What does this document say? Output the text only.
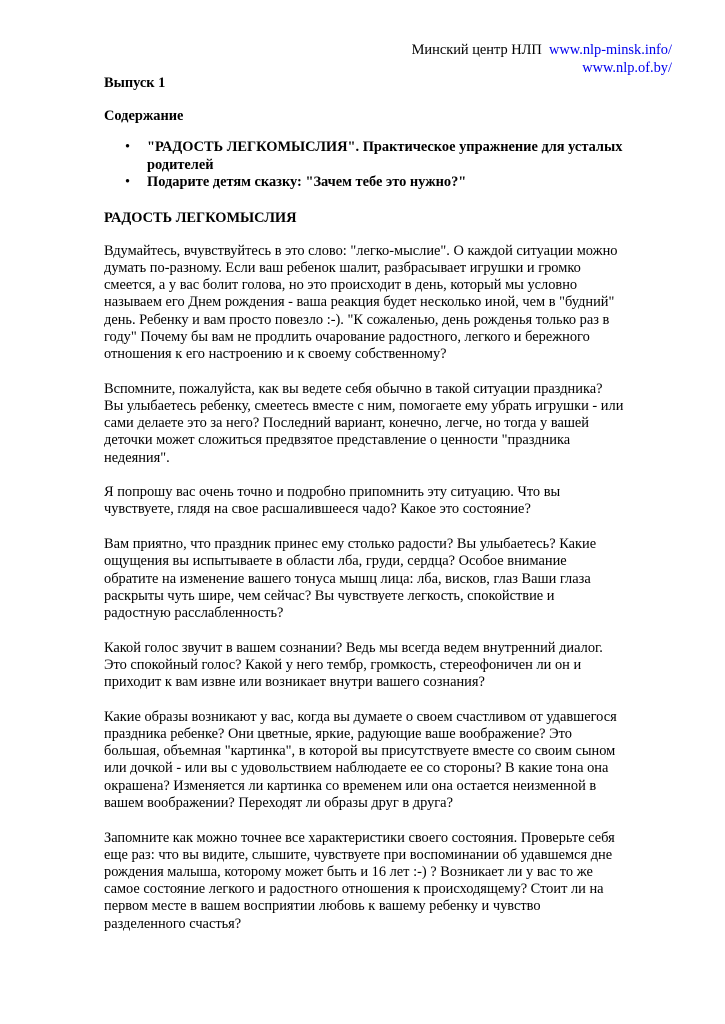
Минский центр НЛП www.nlp-minsk.info/
www.nlp.of.by/
Выпуск 1
Содержание
• "РАДОСТЬ ЛЕГКОМЫСЛИЯ". Практическое упражнение для усталых родителей
• Подарите детям сказку: "Зачем тебе это нужно?"
РАДОСТЬ ЛЕГКОМЫСЛИЯ

Вдумайтесь, вчувствуйтесь в это слово: "легко-мыслие". О каждой ситуации можно думать по-разному. Если ваш ребенок шалит, разбрасывает игрушки и громко смеется, а у вас болит голова, но это происходит в день, который мы условно называем его Днем рождения - ваша реакция будет несколько иной, чем в "будний" день. Ребенку и вам просто повезло :-). "К сожаленью, день рожденья только раз в году" Почему бы вам не продлить очарование радостного, легкого и бережного отношения к его настроению и к своему собственному?

Вспомните, пожалуйста, как вы ведете себя обычно в такой ситуации праздника? Вы улыбаетесь ребенку, смеетесь вместе с ним, помогаете ему убрать игрушки - или сами делаете это за него? Последний вариант, конечно, легче, но тогда у вашей деточки может сложиться предвзятое представление о ценности "праздника недеяния".

Я попрошу вас очень точно и подробно припомнить эту ситуацию. Что вы чувствуете, глядя на свое расшалившееся чадо? Какое это состояние?

Вам приятно, что праздник принес ему столько радости? Вы улыбаетесь? Какие ощущения вы испытываете в области лба, груди, сердца? Особое внимание обратите на изменение вашего тонуса мышц лица: лба, висков, глаз Ваши глаза раскрыты чуть шире, чем сейчас? Вы чувствуете легкость, спокойствие и радостную расслабленность?

Какой голос звучит в вашем сознании? Ведь мы всегда ведем внутренний диалог. Это спокойный голос? Какой у него тембр, громкость, стереофоничен ли он и приходит к вам извне или возникает внутри вашего сознания?

Какие образы возникают у вас, когда вы думаете о своем счастливом от удавшегося праздника ребенке? Они цветные, яркие, радующие ваше воображение? Это большая, объемная "картинка", в которой вы присутствуете вместе со своим сыном или дочкой - или вы с удовольствием наблюдаете ее со стороны? В какие тона она окрашена? Изменяется ли картинка со временем или она остается неизменной в вашем воображении? Переходят ли образы друг в друга?

Запомните как можно точнее все характеристики своего состояния. Проверьте себя еще раз: что вы видите, слышите, чувствуете при воспоминании об удавшемся дне рождения малыша, которому может быть и 16 лет :-) ? Возникает ли у вас то же самое состояние легкого и радостного отношения к происходящему? Стоит ли на первом месте в вашем восприятии любовь к вашему ребенку и чувство разделенного счастья?
